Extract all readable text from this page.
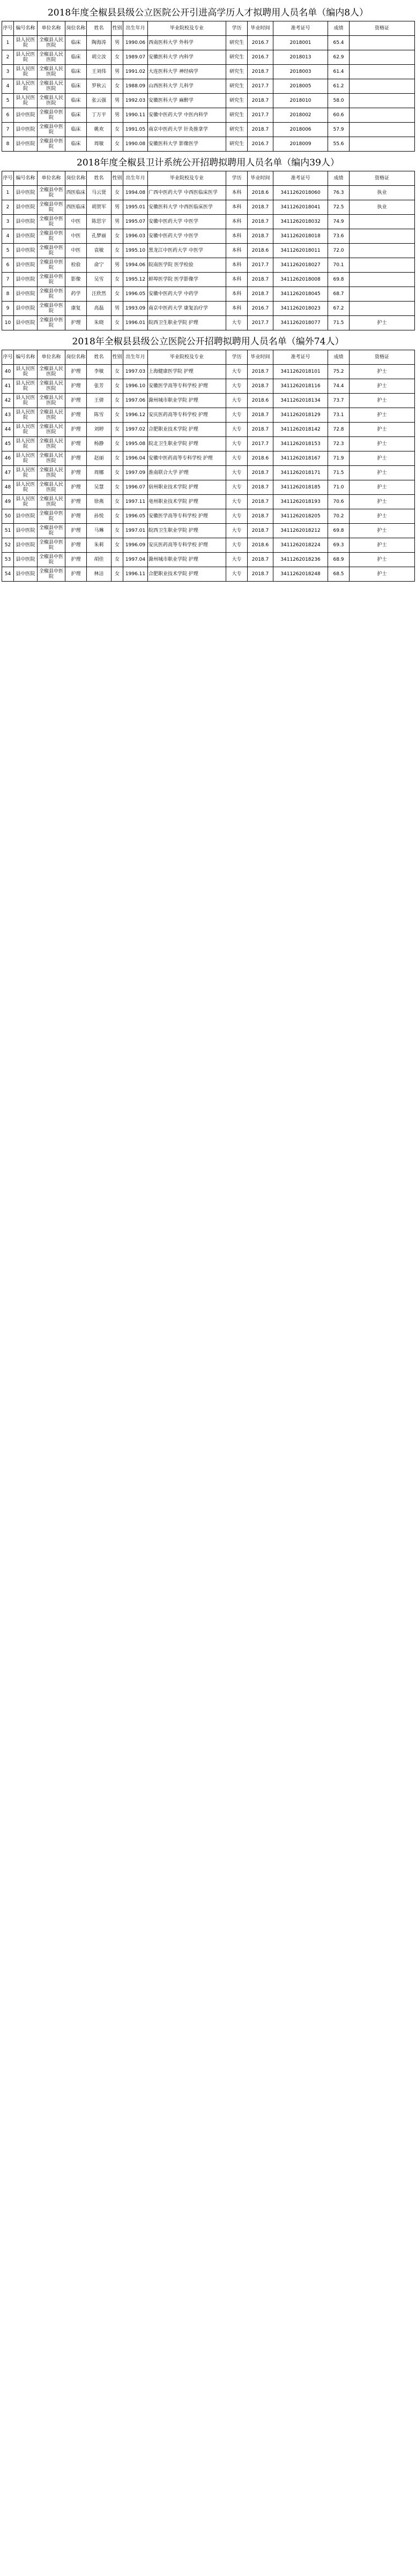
2018年度全椒县县级公立医院公开引进高学历人才拟聘用人员名单（编内8人）
序号	编号名称	单位名称	岗位名称	姓名	性别	出生年月	毕业院校及专业	学历	毕业时间	准考证号	成绩	资格证
1	县人民医院	全椒县人民医院	临床	陶海涛	男	1990.06	西南医科大学 外科学	研究生	2016.7	2018001	65.4	
2	县人民医院	全椒县人民医院	临床	胡立汝	女	1989.07	安徽医科大学 内科学	研究生	2016.7	2018013	62.9	
3	县人民医院	全椒县人民医院	临床	王刘伟	男	1991.02	大连医科大学 神经病学	研究生	2018.7	2018003	61.4	
4	县人民医院	全椒县人民医院	临床	罗秋云	女	1988.09	山西医科大学 儿科学	研究生	2017.7	2018005	61.2	
5	县人民医院	全椒县人民医院	临床	张云强	男	1992.03	安徽医科大学 麻醉学	研究生	2018.7	2018010	58.0	
6	县中医院	全椒县中医院	临床	丁万平	男	1990.11	安徽中医药大学 中医内科学	研究生	2017.7	2018002	60.6	
7	县中医院	全椒县中医院	临床	姚欢	女	1991.05	南京中医药大学 针灸推拿学	研究生	2018.7	2018006	57.9	
8	县中医院	全椒县中医院	临床	周敏	女	1990.08	安徽医科大学 影像医学	研究生	2016.7	2018009	55.6	
2018年度全椒县卫计系统公开招聘拟聘用人员名单（编内39人）
序号	编号名称	单位名称	岗位名称	姓名	性别	出生年月	毕业院校及专业	学历	毕业时间	准考证号	成绩	资格证
1	县中医院	全椒县中医院	西医临床	马云贤	女	1994.08	广西中医药大学 中西医临床医学	本科	2018.6	3411262018060	76.3	执业
2	县中医院	全椒县中医院	西医临床	胡贺军	男	1995.01	安徽医科大学 中西医临床医学	本科	2018.7	3411262018041	72.5	执业
3	县中医院	全椒县中医院	中医	陈思宇	男	1995.07	安徽中医药大学 中医学	本科	2018.7	3411262018032	74.9	
4	县中医院	全椒县中医院	中医	孔梦丽	女	1996.03	安徽中医药大学 中医学	本科	2018.7	3411262018018	73.6	
5	县中医院	全椒县中医院	中医	袁敏	女	1995.10	黑龙江中医药大学 中医学	本科	2018.6	3411262018011	72.0	
6	县中医院	全椒县中医院	检验	俞宁	男	1994.06	皖南医学院 医学检验	本科	2017.7	3411262018027	70.1	
7	县中医院	全椒县中医院	影像	吴雪	女	1995.12	蚌埠医学院 医学影像学	本科	2018.7	3411262018008	69.8	
8	县中医院	全椒县中医院	药学	汪欣然	女	1996.05	安徽中医药大学 中药学	本科	2018.7	3411262018045	68.7	
9	县中医院	全椒县中医院	康复	高磊	男	1993.09	南京中医药大学 康复治疗学	本科	2016.7	3411262018023	67.2	
10	县中医院	全椒县中医院	护理	朱晓	女	1996.01	皖西卫生职业学院 护理	大专	2017.7	3411262018077	71.5	护士
2018年全椒县县级公立医院公开招聘拟聘用人员名单（编外74人）
序号	编号名称	单位名称	岗位名称	姓名	性别	出生年月	毕业院校及专业	学历	毕业时间	准考证号	成绩	资格证
40	县人民医院	全椒县人民医院	护理	李敏	女	1997.03	上海健康医学院 护理	大专	2018.7	3411262018101	75.2	护士
41	县人民医院	全椒县人民医院	护理	张芳	女	1996.10	安徽医学高等专科学校 护理	大专	2018.7	3411262018116	74.4	护士
42	县人民医院	全椒县人民医院	护理	王倩	女	1997.06	滁州城市职业学院 护理	大专	2018.6	3411262018134	73.7	护士
43	县人民医院	全椒县人民医院	护理	陈雪	女	1996.12	安庆医药高等专科学校 护理	大专	2018.7	3411262018129	73.1	护士
44	县人民医院	全椒县人民医院	护理	刘婷	女	1997.02	合肥职业技术学院 护理	大专	2018.7	3411262018142	72.8	护士
45	县人民医院	全椒县人民医院	护理	杨静	女	1995.08	皖北卫生职业学院 护理	大专	2017.7	3411262018153	72.3	护士
46	县人民医院	全椒县人民医院	护理	赵丽	女	1996.04	安徽中医药高等专科学校 护理	大专	2018.6	3411262018167	71.9	护士
47	县人民医院	全椒县人民医院	护理	周娜	女	1997.09	淮南联合大学 护理	大专	2018.7	3411262018171	71.5	护士
48	县人民医院	全椒县人民医院	护理	吴慧	女	1996.07	宿州职业技术学院 护理	大专	2018.7	3411262018185	71.0	护士
49	县人民医院	全椒县人民医院	护理	徐燕	女	1997.11	亳州职业技术学院 护理	大专	2018.7	3411262018193	70.6	护士
50	县中医院	全椒县中医院	护理	孙悦	女	1996.05	安徽医学高等专科学校 护理	大专	2018.7	3411262018205	70.2	护士
51	县中医院	全椒县中医院	护理	马琳	女	1997.01	皖西卫生职业学院 护理	大专	2018.7	3411262018212	69.8	护士
52	县中医院	全椒县中医院	护理	朱莉	女	1996.09	安庆医药高等专科学校 护理	大专	2018.6	3411262018224	69.3	护士
53	县中医院	全椒县中医院	护理	胡佳	女	1997.04	滁州城市职业学院 护理	大专	2018.7	3411262018236	68.9	护士
54	县中医院	全椒县中医院	护理	林洁	女	1996.11	合肥职业技术学院 护理	大专	2018.7	3411262018248	68.5	护士
